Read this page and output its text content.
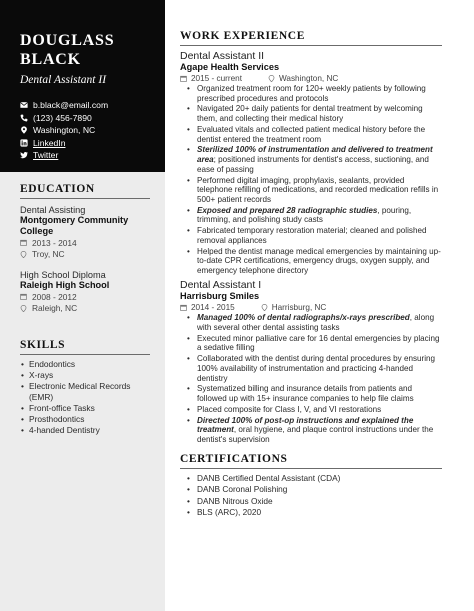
DOUGLASS BLACK
Dental Assistant II
b.black@email.com
(123) 456-7890
Washington, NC
LinkedIn
Twitter
EDUCATION
Dental Assisting
Montgomery Community College
2013 - 2014
Troy, NC
High School Diploma
Raleigh High School
2008 - 2012
Raleigh, NC
SKILLS
• Endodontics
• X-rays
• Electronic Medical Records (EMR)
• Front-office Tasks
• Prosthodontics
• 4-handed Dentistry
WORK EXPERIENCE
Dental Assistant II
Agape Health Services
2015 - current	Washington, NC
• Organized treatment room for 120+ weekly patients by following prescribed procedures and protocols
• Navigated 20+ daily patients for dental treatment by welcoming them, and collecting their medical history
• Evaluated vitals and collected patient medical history before the dentist entered the treatment room
• Sterilized 100% of instrumentation and delivered to treatment area; positioned instruments for dentist's access, suctioning, and ease of passing
• Performed digital imaging, prophylaxis, sealants, provided telephone refilling of medications, and recorded medication refills in 500+ patient records
• Exposed and prepared 28 radiographic studies, pouring, trimming, and polishing study casts
• Fabricated temporary restoration material; cleaned and polished removal appliances
• Helped the dentist manage medical emergencies by maintaining up-to-date CPR certifications, emergency drugs, oxygen supply, and emergency telephone directory
Dental Assistant I
Harrisburg Smiles
2014 - 2015	Harrisburg, NC
• Managed 100% of dental radiographs/x-rays prescribed, along with several other dental assisting tasks
• Executed minor palliative care for 16 dental emergencies by placing a sedative filling
• Collaborated with the dentist during dental procedures by ensuring 100% availability of instrumentation and practicing 4-handed dentistry
• Systematized billing and insurance details from patients and followed up with 15+ insurance companies to help file claims
• Placed composite for Class I, V, and VI restorations
• Directed 100% of post-op instructions and explained the treatment, oral hygiene, and plaque control instructions under the dentist's supervision
CERTIFICATIONS
• DANB Certified Dental Assistant (CDA)
• DANB Coronal Polishing
• DANB Nitrous Oxide
• BLS (ARC), 2020
